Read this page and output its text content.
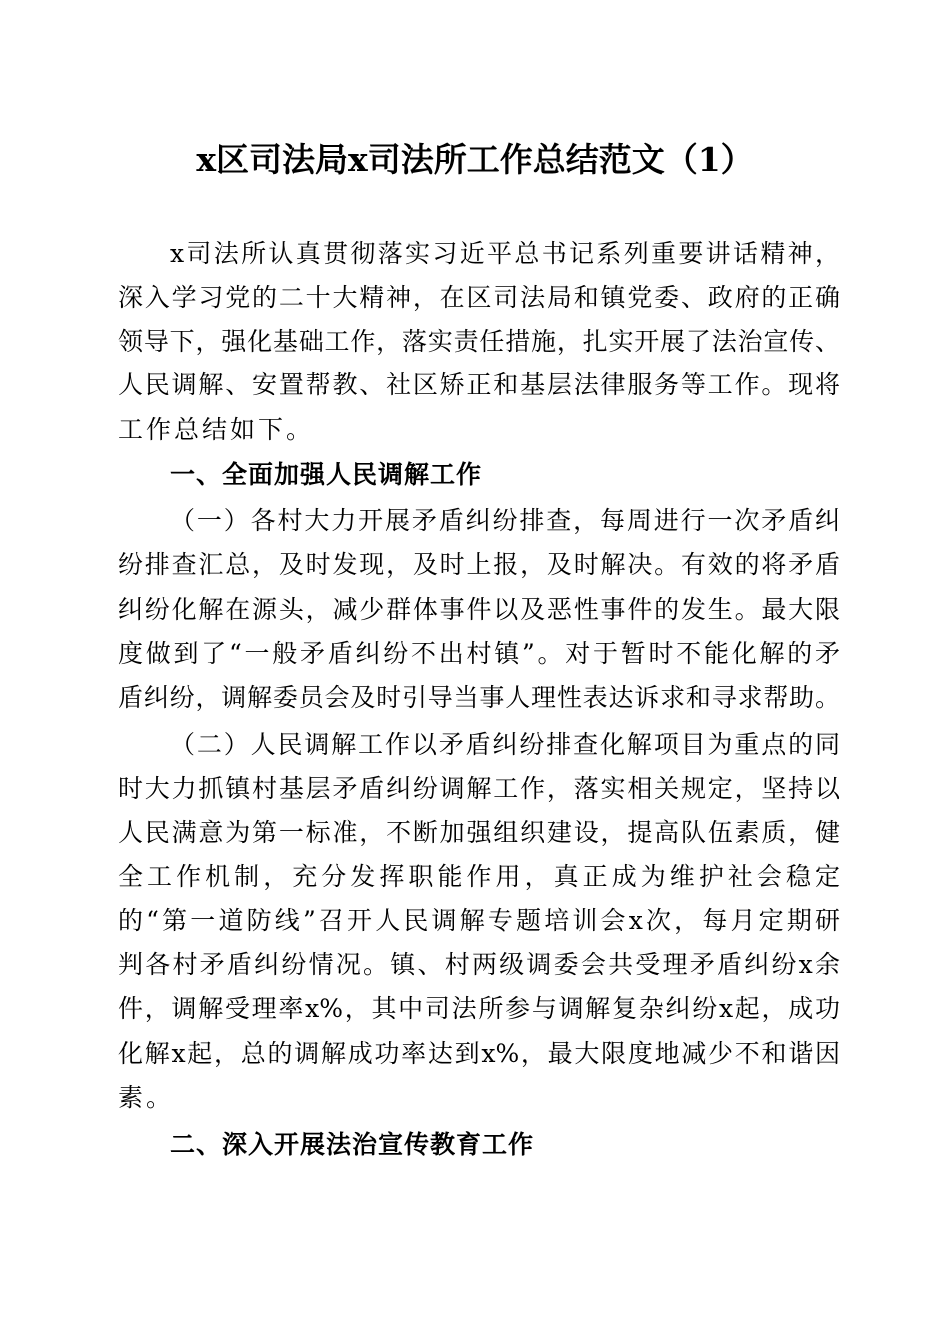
x区司法局x司法所工作总结范文（1）
x司法所认真贯彻落实习近平总书记系列重要讲话精神，
深入学习党的二十大精神，在区司法局和镇党委、政府的正确
领导下，强化基础工作，落实责任措施，扎实开展了法治宣传、
人民调解、安置帮教、社区矫正和基层法律服务等工作。现将
工作总结如下。
一、全面加强人民调解工作
（一）各村大力开展矛盾纠纷排查，每周进行一次矛盾纠
纷排查汇总，及时发现，及时上报，及时解决。有效的将矛盾
纠纷化解在源头，减少群体事件以及恶性事件的发生。最大限
度做到了“一般矛盾纠纷不出村镇”。对于暂时不能化解的矛
盾纠纷，调解委员会及时引导当事人理性表达诉求和寻求帮助。
（二）人民调解工作以矛盾纠纷排查化解项目为重点的同
时大力抓镇村基层矛盾纠纷调解工作，落实相关规定，坚持以
人民满意为第一标准，不断加强组织建设，提高队伍素质，健
全工作机制，充分发挥职能作用，真正成为维护社会稳定
的“第一道防线”召开人民调解专题培训会x次，每月定期研
判各村矛盾纠纷情况。镇、村两级调委会共受理矛盾纠纷x余
件，调解受理率x%，其中司法所参与调解复杂纠纷x起，成功
化解x起，总的调解成功率达到x%，最大限度地减少不和谐因
素。
二、深入开展法治宣传教育工作
